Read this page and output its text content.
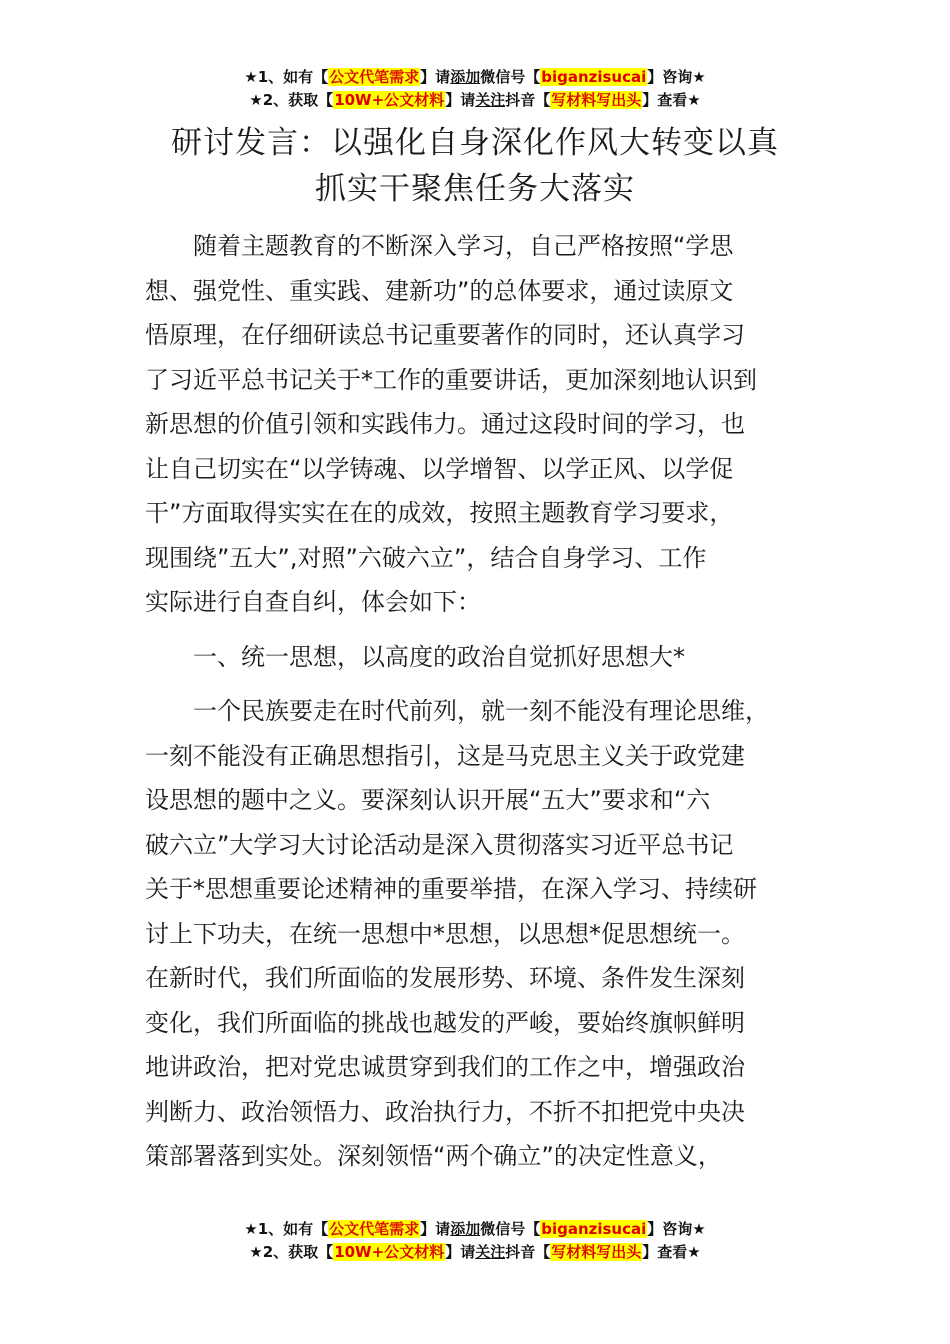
★1、如有【公文代笔需求】请添加微信号【biganzisucai】咨询★
★2、获取【10W+公文材料】请关注抖音【写材料写出头】查看★
研讨发言：以强化自身深化作风大转变以真
抓实干聚焦任务大落实
随着主题教育的不断深入学习，自己严格按照“学思
想、强党性、重实践、建新功”的总体要求，通过读原文
悟原理，在仔细研读总书记重要著作的同时，还认真学习
了习近平总书记关于*工作的重要讲话，更加深刻地认识到
新思想的价值引领和实践伟力。通过这段时间的学习，也
让自己切实在“以学铸魂、以学增智、以学正风、以学促
干”方面取得实实在在的成效，按照主题教育学习要求，
现围绕”五大”,对照”六破六立”，结合自身学习、工作
实际进行自查自纠，体会如下：
一、统一思想，以高度的政治自觉抓好思想大*
一个民族要走在时代前列，就一刻不能没有理论思维，
一刻不能没有正确思想指引，这是马克思主义关于政党建
设思想的题中之义。要深刻认识开展“五大”要求和“六
破六立”大学习大讨论活动是深入贯彻落实习近平总书记
关于*思想重要论述精神的重要举措，在深入学习、持续研
讨上下功夫，在统一思想中*思想，以思想*促思想统一。
在新时代，我们所面临的发展形势、环境、条件发生深刻
变化，我们所面临的挑战也越发的严峻，要始终旗帜鲜明
地讲政治，把对党忠诚贯穿到我们的工作之中，增强政治
判断力、政治领悟力、政治执行力，不折不扣把党中央决
策部署落到实处。深刻领悟“两个确立”的决定性意义，
★1、如有【公文代笔需求】请添加微信号【biganzisucai】咨询★
★2、获取【10W+公文材料】请关注抖音【写材料写出头】查看★
